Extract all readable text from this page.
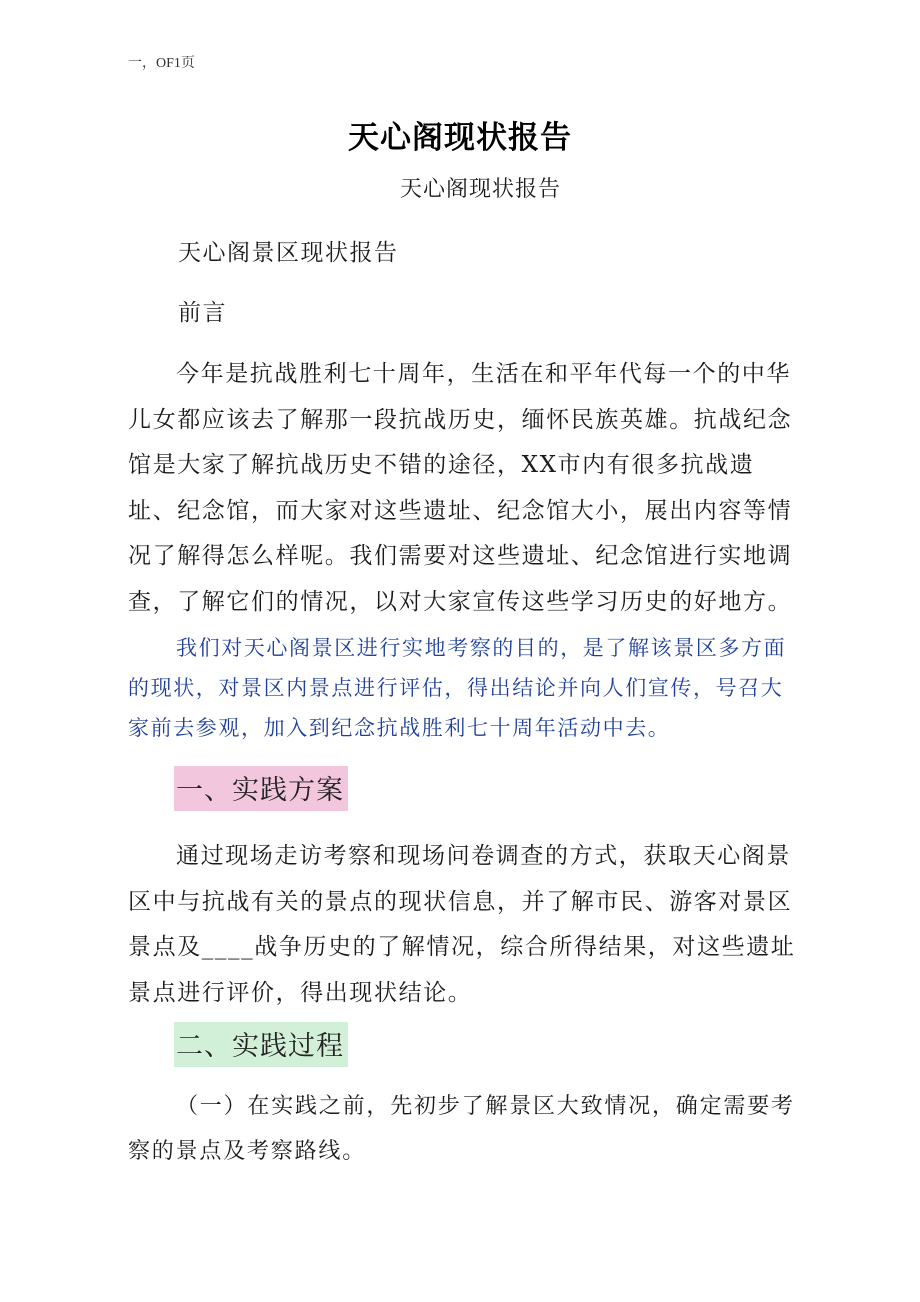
一，OF1页
天心阁现状报告
天心阁现状报告
天心阁景区现状报告
前言

今年是抗战胜利七十周年，生活在和平年代每一个的中华儿女都应该去了解那一段抗战历史，缅怀民族英雄。抗战纪念馆是大家了解抗战历史不错的途径，XX市内有很多抗战遗址、纪念馆，而大家对这些遗址、纪念馆大小，展出内容等情况了解得怎么样呢。我们需要对这些遗址、纪念馆进行实地调查，了解它们的情况，以对大家宣传这些学习历史的好地方。

我们对天心阁景区进行实地考察的目的，是了解该景区多方面的现状，对景区内景点进行评估，得出结论并向人们宣传，号召大家前去参观，加入到纪念抗战胜利七十周年活动中去。

一、实践方案

通过现场走访考察和现场问卷调查的方式，获取天心阁景区中与抗战有关的景点的现状信息，并了解市民、游客对景区景点及____战争历史的了解情况，综合所得结果，对这些遗址景点进行评价，得出现状结论。

二、实践过程

（一）在实践之前，先初步了解景区大致情况，确定需要考察的景点及考察路线。
